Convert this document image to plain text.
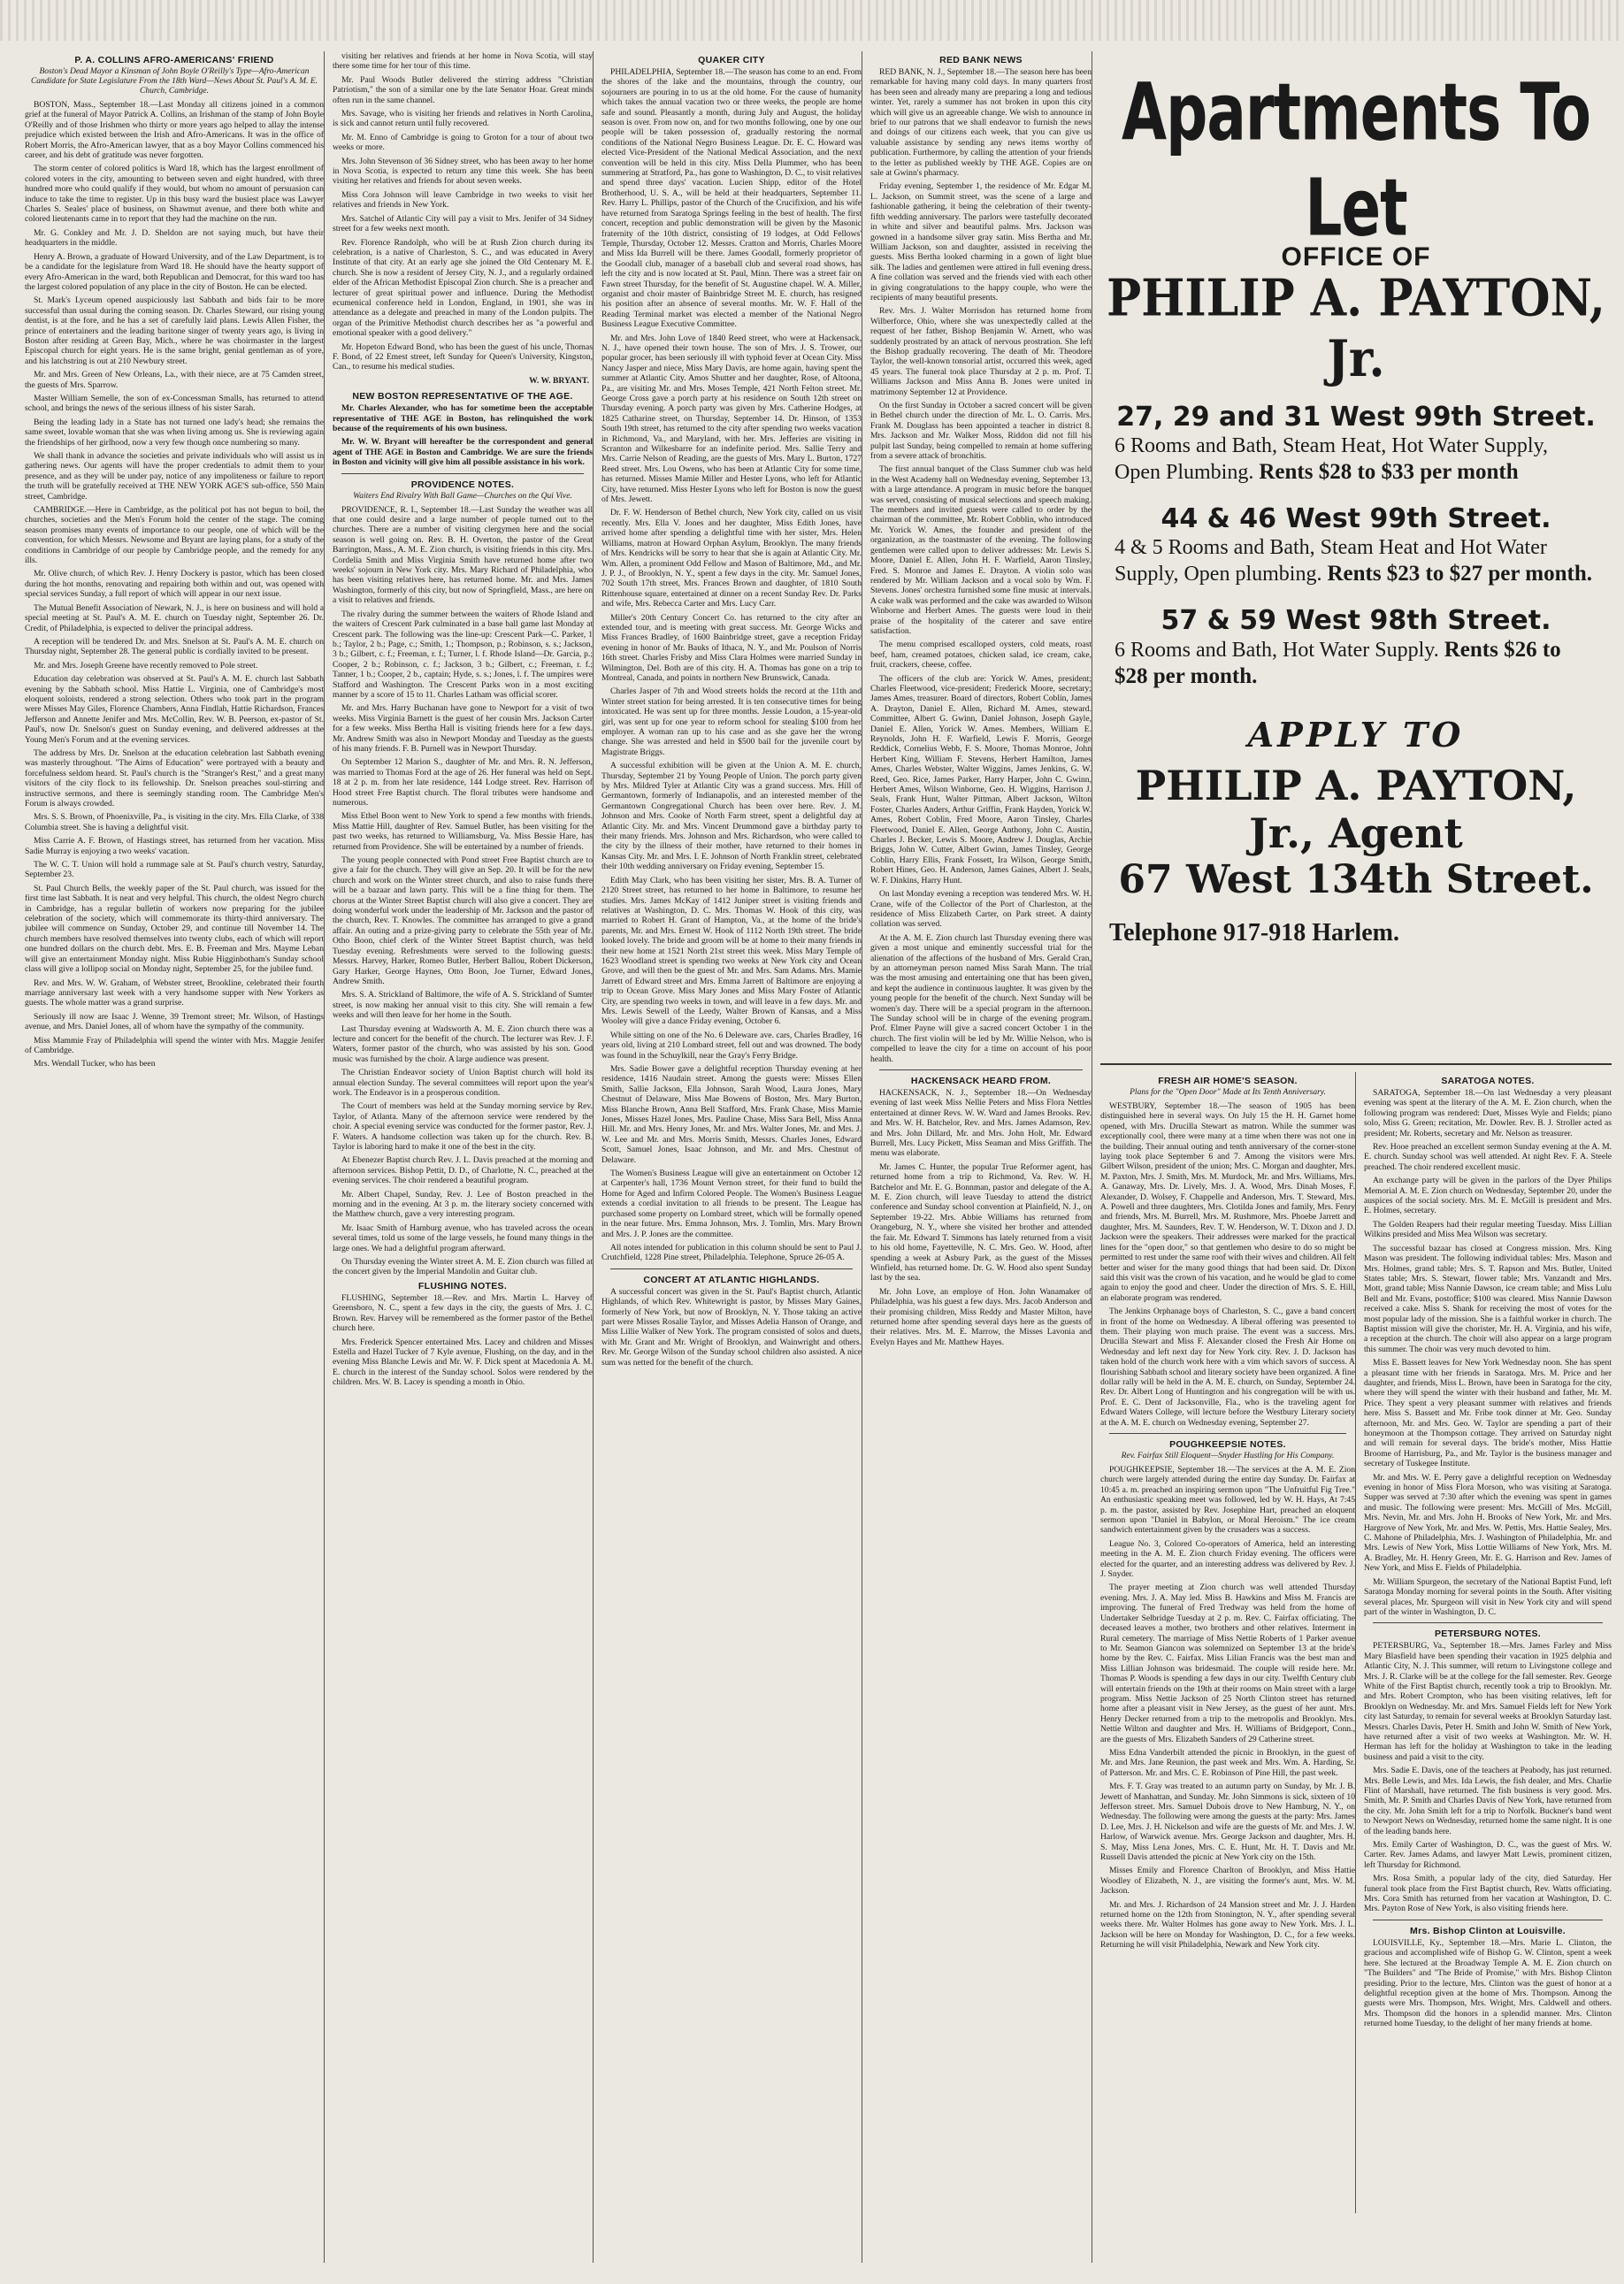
P. A. COLLINS AFRO-AMERICANS' FRIEND
Boston's Dead Mayor a Kinsman of John Boyle O'Reilly's Type—Afro-American Candidate for State Legislature From the 18th Ward—News About St. Paul's A. M. E. Church, Cambridge.

BOSTON, Mass., September 18.—Last Monday all citizens joined in a common grief at the funeral of Mayor Patrick A. Collins, an Irishman of the stamp of John Boyle O'Reilly and of those Irishmen who thirty or more years ago helped to allay the intense prejudice which existed between the Irish and Afro-Americans. It was in the office of Robert Morris, the Afro-American lawyer, that as a boy Mayor Collins commenced his career, and his debt of gratitude was never forgotten.

The storm center of colored politics is Ward 18, which has the largest enrollment of colored voters in the city, amounting to between seven and eight hundred, with three hundred more who could qualify if they would, but whom no amount of persuasion can induce to take the time to register. Up in this busy ward the busiest place was Lawyer Charles S. Seales' place of business, on Shawmut avenue, and there both white and colored lieutenants came in to report that they had the machine on the run.

Mr. G. Conkley and Mr. J. D. Sheldon are not saying much, but have their headquarters in the middle.

Henry A. Brown, a graduate of Howard University, and of the Law Department, is to be a candidate for the legislature from Ward 18. He should have the hearty support of every Afro-American in the ward, both Republican and Democrat, for this ward too has the largest colored population of any place in the city of Boston. He can be elected.

St. Mark's Lyceum opened auspiciously last Sabbath and bids fair to be more successful than usual during the coming season. Dr. Charles Steward, our rising young dentist, is at the fore, and he has a set of carefully laid plans. Lewis Allen Fisher, the prince of entertainers and the leading baritone singer of twenty years ago, is living in Boston after residing at Green Bay, Mich., where he was choirmaster in the largest Episcopal church for eight years. He is the same bright, genial gentleman as of yore, and his latchstring is out at 210 Newbury street.

Mr. and Mrs. Green of New Orleans, La., with their niece, are at 75 Camden street, the guests of Mrs. Sparrow.

Master William Semelle, the son of ex-Concessman Smalls, has returned to attend school, and brings the news of the serious illness of his sister Sarah.

Being the leading lady in a State has not turned one lady's head; she remains the same sweet, lovable woman that she was when living among us. She is reviewing again the friendships of her girlhood, now a very few though once numbering so many.

We shall thank in advance the societies and private individuals who will assist us in gathering news. Our agents will have the proper credentials to admit them to your presence, and as they will be under pay, notice of any impoliteness or failure to report the truth will be gratefully received at THE NEW YORK AGE'S sub-office, 550 Main street, Cambridge.

CAMBRIDGE.—Here in Cambridge, as the political pot has not begun to boil, the churches, societies and the Men's Forum hold the center of the stage. The coming season promises many events of importance to our people, one of which will be the convention, for which Messrs. Newsome and Bryant are laying plans, for a study of the conditions in Cambridge of our people by Cambridge people, and the remedy for any ills.

Mr. Olive church, of which Rev. J. Henry Dockery is pastor, which has been closed during the hot months, renovating and repairing both within and out, was opened with special services Sunday, a full report of which will appear in our next issue.

The Mutual Benefit Association of Newark, N. J., is here on business and will hold a special meeting at St. Paul's A. M. E. church on Tuesday night, September 26. Dr. Credit, of Philadelphia, is expected to deliver the principal address.

A reception will be tendered Dr. and Mrs. Snelson at St. Paul's A. M. E. church on Thursday night, September 28. The general public is cordially invited to be present.

Mr. and Mrs. Joseph Greene have recently removed to Pole street.

Education day celebration was observed at St. Paul's A. M. E. church last Sabbath evening by the Sabbath school. Miss Hattie L. Virginia, one of Cambridge's most eloquent soloists, rendered a strong selection. Others who took part in the program were Misses May Giles, Florence Chambers, Anna Findlah, Hattie Richardson, Frances Jefferson and Annette Jenifer and Mrs. McCollin, Rev. W. B. Peerson, ex-pastor of St. Paul's, now Dr. Snelson's guest on Sunday evening, and delivered addresses at the Young Men's Forum and at the evening services.

The address by Mrs. Dr. Snelson at the education celebration last Sabbath evening was masterly throughout. "The Aims of Education" were portrayed with a beauty and forcefulness seldom heard. St. Paul's church is the "Stranger's Rest," and a great many visitors of the city flock to its fellowship. Dr. Snelson preaches soul-stirring and instructive sermons, and there is seemingly standing room. The Cambridge Men's Forum is always crowded.

Mrs. S. S. Brown, of Phoenixville, Pa., is visiting in the city. Mrs. Ella Clarke, of 338 Columbia street. She is having a delightful visit.

Miss Carrie A. F. Brown, of Hastings street, has returned from her vacation. Miss Sadie Murray is enjoying a two weeks' vacation.

The W. C. T. Union will hold a rummage sale at St. Paul's church vestry, Saturday, September 23.

St. Paul Church Bells, the weekly paper of the St. Paul church, was issued for the first time last Sabbath. It is neat and very helpful. This church, the oldest Negro church in Cambridge, has a regular bulletin of workers now preparing for the jubilee celebration of the society, which will commemorate its thirty-third anniversary. The jubilee will commence on Sunday, October 29, and continue till November 14. The church members have resolved themselves into twenty clubs, each of which will report one hundred dollars on the church debt. Mrs. E. B. Freeman and Mrs. Mayme Leban will give an entertainment Monday night. Miss Rubie Higginbotham's Sunday school class will give a lollipop social on Monday night, September 25, for the jubilee fund.

Rev. and Mrs. W. W. Graham, of Webster street, Brookline, celebrated their fourth marriage anniversary last week with a very handsome supper with New Yorkers as guests. The whole matter was a grand surprise.

Seriously ill now are Isaac J. Wenne, 39 Tremont street; Mr. Wilson, of Hastings avenue, and Mrs. Daniel Jones, all of whom have the sympathy of the community.

Miss Mammie Fray of Philadelphia will spend the winter with Mrs. Maggie Jenifer of Cambridge.

Mrs. Wendall Tucker, who has been

visiting her relatives and friends at her home in Nova Scotia, will stay there some time for her tour of this time.

Mr. Paul Woods Butler delivered the stirring address "Christian Patriotism," the son of a similar one by the late Senator Hoar. Great minds often run in the same channel.

Mrs. Savage, who is visiting her friends and relatives in North Carolina, is sick and cannot return until fully recovered.

Mr. M. Enno of Cambridge is going to Groton for a tour of about two weeks or more.

Mrs. John Stevenson of 36 Sidney street, who has been away to her home in Nova Scotia, is expected to return any time this week. She has been visiting her relatives and friends for about seven weeks.

Miss Cora Johnson will leave Cambridge in two weeks to visit her relatives and friends in New York.

Mrs. Satchel of Atlantic City will pay a visit to Mrs. Jenifer of 34 Sidney street for a few weeks next month.

Rev. Florence Randolph, who will be at Rush Zion church during its celebration, is a native of Charleston, S. C., and was educated in Avery Institute of that city. At an early age she joined the Old Centenary M. E. church. She is now a resident of Jersey City, N. J., and a regularly ordained elder of the African Methodist Episcopal Zion church. She is a preacher and lecturer of great spiritual power and influence. During the Methodist ecumenical conference held in London, England, in 1901, she was in attendance as a delegate and preached in many of the London pulpits. The organ of the Primitive Methodist church describes her as "a powerful and emotional speaker with a good delivery."

Mr. Hopeton Edward Bond, who has been the guest of his uncle, Thomas F. Bond, of 22 Emest street, left Sunday for Queen's University, Kingston, Can., to resume his medical studies.

W. W. BRYANT.
NEW BOSTON REPRESENTATIVE OF THE AGE.

Mr. Charles Alexander, who has for sometime been the acceptable representative of THE AGE in Boston, has relinquished the work because of the requirements of his own business.

Mr. W. W. Bryant will hereafter be the correspondent and general agent of THE AGE in Boston and Cambridge. We are sure the friends in Boston and vicinity will give him all possible assistance in his work.

PROVIDENCE NOTES.
Waiters End Rivalry With Ball Game—Churches on the Qui Vive.

PROVIDENCE, R. I., September 18.—Last Sunday the weather was all that one could desire and a large number of people turned out to the churches. There are a number of visiting clergymen here and the social season is well going on. Rev. B. H. Overton, the pastor of the Great Barrington, Mass., A. M. E. Zion church, is visiting friends in this city. Mrs. Cordelia Smith and Miss Virginia Smith have returned home after two weeks' sojourn in New York city. Mrs. Mary Richard of Philadelphia, who has been visiting relatives here, has returned home. Mr. and Mrs. James Washington, formerly of this city, but now of Springfield, Mass., are here on a visit to relatives and friends.

The rivalry during the summer between the waiters of Rhode Island and the waiters of Crescent Park culminated in a base ball game last Monday at Crescent park. The following was the line-up: Crescent Park—C. Parker, 1 b.; Taylor, 2 b.; Page, c.; Smith, 1.; Thompson, p.; Robinson, s. s.; Jackson, 3 b.; Gilbert, c. f.; Freeman, r. f.; Turner, l. f. Rhode Island—Dr. Garcia, p.; Cooper, 2 b.; Robinson, c. f.; Jackson, 3 b.; Gilbert, c.; Freeman, r. f.; Tanner, 1 b.; Cooper, 2 b., captain; Hyde, s. s.; Jones, l. f. The umpires were Stafford and Washington. The Crescent Parks won in a most exciting manner by a score of 15 to 11. Charles Latham was official scorer.

Mr. and Mrs. Harry Buchanan have gone to Newport for a visit of two weeks. Miss Virginia Barnett is the guest of her cousin Mrs. Jackson Carter for a few weeks. Miss Bertha Hall is visiting friends here for a few days. Mr. Andrew Smith was also in Newport Monday and Tuesday as the guests of his many friends. F. B. Purnell was in Newport Thursday.

On September 12 Marion S., daughter of Mr. and Mrs. R. N. Jefferson, was married to Thomas Ford at the age of 26. Her funeral was held on Sept. 18 at 2 p. m. from her late residence, 144 Lodge street. Rev. Harrison of Hood street Free Baptist church. The floral tributes were handsome and numerous.

Miss Ethel Boon went to New York to spend a few months with friends. Miss Mattie Hill, daughter of Rev. Samuel Butler, has been visiting for the past two weeks, has returned to Williamsburg, Va. Miss Bessie Hare, has returned from Providence. She will be entertained by a number of friends.

The young people connected with Pond street Free Baptist church are to give a fair for the church. They will give an Sep. 20. It will be for the new church and work on the Winter street church, and also to raise funds there will be a bazaar and lawn party. This will be a fine thing for them. The chorus at the Winter Street Baptist church will also give a concert. They are doing wonderful work under the leadership of Mr. Jackson and the pastor of the church, Rev. T. Knowles. The committee has arranged to give a grand affair. An outing and a prize-giving party to celebrate the 55th year of Mr. Otho Boon, chief clerk of the Winter Street Baptist church, was held Tuesday evening. Refreshments were served to the following guests: Messrs. Harvey, Harker, Romeo Butler, Herbert Ballou, Robert Dickerson, Gary Harker, George Haynes, Otto Boon, Joe Turner, Edward Jones, Andrew Smith.

Mrs. S. A. Strickland of Baltimore, the wife of A. S. Strickland of Sumter street, is now making her annual visit to this city. She will remain a few weeks and will then leave for her home in the South.

Last Thursday evening at Wadsworth A. M. E. Zion church there was a lecture and concert for the benefit of the church. The lecturer was Rev. J. F. Waters, former pastor of the church, who was assisted by his son. Good music was furnished by the choir. A large audience was present.

The Christian Endeavor society of Union Baptist church will hold its annual election Sunday. The several committees will report upon the year's work. The Endeavor is in a prosperous condition.

The Court of members was held at the Sunday morning service by Rev. Taylor, of Atlanta. Many of the afternoon service were rendered by the choir. A special evening service was conducted for the former pastor, Rev. J. F. Waters. A handsome collection was taken up for the church. Rev. B. Taylor is laboring hard to make it one of the best in the city.

At Ebenezer Baptist church Rev. J. L. Davis preached at the morning and afternoon services. Bishop Pettit, D. D., of Charlotte, N. C., preached at the evening services. The choir rendered a beautiful program.

Mr. Albert Chapel, Sunday, Rev. J. Lee of Boston preached in the morning and in the evening. At 3 p. m. the literary society concerned with the Matthew church, gave a very interesting program.

Mr. Isaac Smith of Hamburg avenue, who has traveled across the ocean several times, told us some of the large vessels, he found many things in the large ones. We had a delightful program afterward.

On Thursday evening the Winter street A. M. E. Zion church was filled at the concert given by the Imperial Mandolin and Guitar club.

FLUSHING NOTES.

FLUSHING, September 18.—Rev. and Mrs. Martin L. Harvey of Greensboro, N. C., spent a few days in the city, the guests of Mrs. J. C. Brown. Rev. Harvey will be remembered as the former pastor of the Bethel church here.

Mrs. Frederick Spencer entertained Mrs. Lacey and children and Misses Estella and Hazel Tucker of 7 Kyle avenue, Flushing, on the day, and in the evening Miss Blanche Lewis and Mr. W. F. Dick spent at Macedonia A. M. E. church in the interest of the Sunday school. Solos were rendered by the children. Mrs. W. B. Lacey is spending a month in Ohio.

QUAKER CITY

PHILADELPHIA, September 18.—The season has come to an end. From the shores of the lake and the mountains, through the country, our sojourners are pouring in to us at the old home. For the cause of humanity which takes the annual vacation two or three weeks, the people are home safe and sound. Pleasantly a month, during July and August, the holiday season is over. From now on, and for two months following, one by one our people will be taken possession of, gradually restoring the normal conditions of the National Negro Business League. Dr. E. C. Howard was elected Vice-President of the National Medical Association, and the next convention will be held in this city. Miss Della Plummer, who has been summering at Stratford, Pa., has gone to Washington, D. C., to visit relatives and spend three days' vacation. Lucien Shipp, editor of the Hotel Brotherhood, U. S. A., will be held at their headquarters, September 11. Rev. Harry L. Phillips, pastor of the Church of the Crucifixion, and his wife have returned from Saratoga Springs feeling in the best of health. The first concert, reception and public demonstration will be given by the Masonic fraternity of the 10th district, consisting of 19 lodges, at Odd Fellows' Temple, Thursday, October 12. Messrs. Cratton and Morris, Charles Moore and Miss Ida Burrell will be there. James Goodall, formerly proprietor of the Goodall club, manager of a baseball club and several road shows, has left the city and is now located at St. Paul, Minn. There was a street fair on Fawn street Thursday, for the benefit of St. Augustine chapel. W. A. Miller, organist and choir master of Bainbridge Street M. E. church, has resigned his position after an absence of several months. Mr. W. F. Hall of the Reading Terminal market was elected a member of the National Negro Business League Executive Committee.

Mr. and Mrs. John Love of 1840 Reed street, who were at Hackensack, N. J., have opened their town house. The son of Mrs. J. S. Trower, our popular grocer, has been seriously ill with typhoid fever at Ocean City. Miss Nancy Jasper and niece, Miss Mary Davis, are home again, having spent the summer at Atlantic City. Amos Shutter and her daughter, Rose, of Altoona, Pa., are visiting Mr. and Mrs. Moses Temple, 421 North Felton street. Mr. George Cross gave a porch party at his residence on South 12th street on Thursday evening. A porch party was given by Mrs. Catherine Hodges, at 1825 Catharine street, on Thursday, September 14. Dr. Hinson, of 1353 South 19th street, has returned to the city after spending two weeks vacation in Richmond, Va., and Maryland, with her. Mrs. Jefferies are visiting in Scranton and Wilkesbarre for an indefinite period. Mrs. Sallie Terry and Mrs. Carrie Nelson of Reading, are the guests of Mrs. Mary L. Burton, 1727 Reed street. Mrs. Lou Owens, who has been at Atlantic City for some time, has returned. Misses Mamie Miller and Hester Lyons, who left for Atlantic City, have returned. Miss Hester Lyons who left for Boston is now the guest of Mrs. Jewett.

Dr. F. W. Henderson of Bethel church, New York city, called on us visit recently. Mrs. Ella V. Jones and her daughter, Miss Edith Jones, have arrived home after spending a delightful time with her sister, Mrs. Helen Williams, matron at Howard Orphan Asylum, Brooklyn. The many friends of Mrs. Kendricks will be sorry to hear that she is again at Atlantic City. Mr. Wm. Allen, a prominent Odd Fellow and Mason of Baltimore, Md., and Mr. J. P. J., of Brooklyn, N. Y., spent a few days in the city. Mr. Samuel Jones, 702 South 17th street, Mrs. Frances Brown and daughter, of 1810 South Rittenhouse square, entertained at dinner on a recent Sunday Rev. Dr. Parks and wife, Mrs. Rebecca Carter and Mrs. Lucy Carr.

Miller's 20th Century Concert Co. has returned to the city after an extended tour, and is meeting with great success. Mr. George Wicks and Miss Frances Bradley, of 1600 Bainbridge street, gave a reception Friday evening in honor of Mr. Bauks of Ithaca, N. Y., and Mr. Poulson of Norris 16th street. Charles Frisby and Miss Clara Holmes were married Sunday in Wilmington, Del. Both are of this city. H. A. Thomas has gone on a trip to Montreal, Canada, and points in northern New Brunswick, Canada.

Charles Jasper of 7th and Wood streets holds the record at the 11th and Winter street station for being arrested. It is ten consecutive times for being intoxicated. He was sent up for three months. Jessie Loudon, a 15-year-old girl, was sent up for one year to reform school for stealing $100 from her employer. A woman ran up to his case and as she gave her the wrong change. She was arrested and held in $500 bail for the juvenile court by Magistrate Briggs.

A successful exhibition will be given at the Union A. M. E. church, Thursday, September 21 by Young People of Union. The porch party given by Mrs. Mildred Tyler at Atlantic City was a grand success. Mrs. Hill of Germantown, formerly of Indianapolis, and an interested member of the Germantown Congregational Church has been over here. Rev. J. M. Johnson and Mrs. Cooke of North Farm street, spent a delightful day at Atlantic City. Mr. and Mrs. Vincent Drummond gave a birthday party to their many friends. Mrs. Johnson and Mrs. Richardson, who were called to the city by the illness of their mother, have returned to their homes in Kansas City. Mr. and Mrs. I. E. Johnson of North Franklin street, celebrated their 10th wedding anniversary on Friday evening, September 15.

Edith May Clark, who has been visiting her sister, Mrs. B. A. Turner of 2120 Street street, has returned to her home in Baltimore, to resume her studies. Mrs. James McKay of 1412 Juniper street is visiting friends and relatives at Washington, D. C. Mrs. Thomas W. Hook of this city, was married to Robert H. Grant of Hampton, Va., at the home of the bride's parents, Mr. and Mrs. Ernest W. Hook of 1112 North 19th street. The bride looked lovely. The bride and groom will be at home to their many friends in their new home at 1521 North 21st street this week. Miss Mary Temple of 1623 Woodland street is spending two weeks at New York city and Ocean Grove, and will then be the guest of Mr. and Mrs. Sam Adams. Mrs. Mamie Jarrett of Edward street and Mrs. Emma Jarrett of Baltimore are enjoying a trip to Ocean Grove. Miss Mary Jones and Miss Mary Foster of Atlantic City, are spending two weeks in town, and will leave in a few days. Mr. and Mrs. Lewis Sewell of the Leedy, Walter Brown of Kansas, and a Miss Wooley will give a dance Friday evening, October 6.

While sitting on one of the No. 6 Deleware ave. cars, Charles Bradley, 16 years old, living at 210 Lombard street, fell out and was drowned. The body was found in the Schuylkill, near the Gray's Ferry Bridge.

Mrs. Sadie Bower gave a delightful reception Thursday evening at her residence, 1416 Naudain street. Among the guests were: Misses Ellen Smith, Sallie Jackson, Ella Johnson, Sarah Wood, Laura Jones, Mary Chestnut of Delaware, Miss Mae Bowens of Boston, Mrs. Mary Burton, Miss Blanche Brown, Anna Bell Stafford, Mrs. Frank Chase, Miss Mamie Jones, Misses Hazel Jones, Mrs. Pauline Chase, Miss Sara Bell, Miss Anna Hill. Mr. and Mrs. Henry Jones, Mr. and Mrs. Walter Jones, Mr. and Mrs. J. W. Lee and Mr. and Mrs. Morris Smith, Messrs. Charles Jones, Edward Scott, Samuel Jones, Isaac Johnson, and Mr. and Mrs. Chestnut of Delaware.

The Women's Business League will give an entertainment on October 12 at Carpenter's hall, 1736 Mount Vernon street, for their fund to build the Home for Aged and Infirm Colored People. The Women's Business League extends a cordial invitation to all friends to be present. The League has purchased some property on Lombard street, which will be formally opened in the near future. Mrs. Emma Johnson, Mrs. J. Tomlin, Mrs. Mary Brown and Mrs. J. P. Jones are the committee.

All notes intended for publication in this column should be sent to Paul J. Crutchfield, 1228 Pine street, Philadelphia. Telephone, Spruce 26-05 A.

CONCERT AT ATLANTIC HIGHLANDS.

A successful concert was given in the St. Paul's Baptist church, Atlantic Highlands, of which Rev. Whitewright is pastor, by Misses Mary Gaines, formerly of New York, but now of Brooklyn, N. Y. Those taking an active part were Misses Rosalie Taylor, and Misses Adelia Hanson of Orange, and Miss Lillie Walker of New York. The program consisted of solos and duets, with Mr. Grant and Mr. Wright of Brooklyn, and Wainwright and others. Rev. Mr. George Wilson of the Sunday school children also assisted. A nice sum was netted for the benefit of the church.

RED BANK NEWS

RED BANK, N. J., September 18.—The season here has been remarkable for having many cold days. In many quarters frost has been seen and already many are preparing a long and tedious winter. Yet, rarely a summer has not broken in upon this city which will give us an agreeable change. We wish to announce in brief to our patrons that we shall endeavor to furnish the news and doings of our citizens each week, that you can give us valuable assistance by sending any news items worthy of publication. Furthermore, by calling the attention of your friends to the letter as published weekly by THE AGE. Copies are on sale at Gwinn's pharmacy.

Friday evening, September 1, the residence of Mr. Edgar M. L. Jackson, on Summit street, was the scene of a large and fashionable gathering, it being the celebration of their twenty-fifth wedding anniversary. The parlors were tastefully decorated in white and silver and beautiful palms. Mrs. Jackson was gowned in a handsome silver gray satin. Miss Bertha and Mr. William Jackson, son and daughter, assisted in receiving the guests. Miss Bertha looked charming in a gown of light blue silk. The ladies and gentlemen were attired in full evening dress. A fine collation was served and the friends vied with each other in giving congratulations to the happy couple, who were the recipients of many beautiful presents.

Rev. Mrs. J. Walter Morrisdon has returned home from Wilberforce, Ohio, where she was unexpectedly called at the request of her father, Bishop Benjamin W. Arnett, who was suddenly prostrated by an attack of nervous prostration. She left the Bishop gradually recovering. The death of Mr. Theodore Taylor, the well-known tonsorial artist, occurred this week, aged 45 years. The funeral took place Thursday at 2 p. m. Prof. T. Williams Jackson and Miss Anna B. Jones were united in matrimony September 12 at Providence.

On the first Sunday in October a sacred concert will be given in Bethel church under the direction of Mr. L. O. Carris. Mrs. Frank M. Douglass has been appointed a teacher in district 8. Mrs. Jackson and Mr. Walker Moss, Riddon did not fill his pulpit last Sunday, being compelled to remain at home suffering from a severe attack of bronchitis.

The first annual banquet of the Class Summer club was held in the West Academy hall on Wednesday evening, September 13, with a large attendance. A program in music before the banquet was served, consisting of musical selections and speech making. The members and invited guests were called to order by the chairman of the committee, Mr. Robert Cobblin, who introduced Mr. Yorick W. Ames, the founder and president of the organization, as the toastmaster of the evening. The following gentlemen were called upon to deliver addresses: Mr. Lewis S. Moore, Daniel E. Allen, John H. F. Warfield, Aaron Tinsley, Fred. S. Monroe and James E. Drayton. A violin solo was rendered by Mr. William Jackson and a vocal solo by Wm. F. Stevens. Jones' orchestra furnished some fine music at intervals. A cake walk was performed and the cake was awarded to Wilson Winborne and Herbert Ames. The guests were loud in their praise of the hospitality of the caterer and save entire satisfaction.

The menu comprised escalloped oysters, cold meats, roast beef, ham, creamed potatoes, chicken salad, ice cream, cake, fruit, crackers, cheese, coffee.

The officers of the club are: Yorick W. Ames, president; Charles Fleetwood, vice-president; Frederick Moore, secretary; James Ames, treasurer. Board of directors, Robert Coblin, James A. Drayton, Daniel E. Allen, Richard M. Ames, steward. Committee, Albert G. Gwinn, Daniel Johnson, Joseph Gayle, Daniel E. Allen, Yorick W. Ames. Members, William E. Reynolds, John H. F. Warfield, Lewis F. Morris, George Reddick, Cornelius Webb, F. S. Moore, Thomas Monroe, John Herbert King, William F. Stevens, Herbert Hamilton, James Ames, Charles Webster, Walter Wiggins, James Jenkins, G. W. Reed, Geo. Rice, James Parker, Harry Harper, John C. Gwinn, Herbert Ames, Wilson Winborne, Geo. H. Wiggins, Harrison J. Seals, Frank Hunt, Walter Pittman, Albert Jackson, Wilton Foster, Charles Anders, Arthur Griffin, Frank Hayden, Yorick W. Ames, Robert Coblin, Fred Moore, Aaron Tinsley, Charles Fleetwood, Daniel E. Allen, George Anthony, John C. Austin, Charles J. Becker, Lewis S. Moore, Andrew J. Douglas, Archie Briggs, John W. Cutter, Albert Gwinn, James Tinsley, George Coblin, Harry Ellis, Frank Fossett, Ira Wilson, George Smith, Robert Hines, Geo. H. Anderson, James Gaines, Albert J. Seals, W. F. Dinkins, Harry Hunt.

On last Monday evening a reception was tendered Mrs. W. H. Crane, wife of the Collector of the Port of Charleston, at the residence of Miss Elizabeth Carter, on Park street. A dainty collation was served.

At the A. M. E. Zion church last Thursday evening there was given a most unique and eminently successful trial for the alienation of the affections of the husband of Mrs. Gerald Cran, by an attorneyman person named Miss Sarah Mann. The trial was the most amusing and entertaining one that has been given, and kept the audience in continuous laughter. It was given by the young people for the benefit of the church. Next Sunday will be women's day. There will be a special program in the afternoon. The Sunday school will be in charge of the evening program. Prof. Elmer Payne will give a sacred concert October 1 in the church. The first violin will be led by Mr. Willie Nelson, who is compelled to leave the city for a time on account of his poor health.

HACKENSACK HEARD FROM.

HACKENSACK, N. J., September 18.—On Wednesday evening of last week Miss Nellie Peters and Miss Flora Nettles entertained at dinner Revs. W. W. Ward and James Brooks. Rev. and Mrs. W. H. Batchelor, Rev. and Mrs. James Adamson, Rev. and Mrs. John Dillard, Mr. and Mrs. John Holt, Mr. Edward Burrell, Mrs. Lucy Pickett, Miss Seaman and Miss Griffith. The menu was elaborate.

Mr. James C. Hunter, the popular True Reformer agent, has returned home from a trip to Richmond, Va. Rev. W. H. Batchelor and Mr. E. G. Bonnman, pastor and delegate of the A. M. E. Zion church, will leave Tuesday to attend the district conference and Sunday school convention at Plainfield, N. J., on September 19-22. Mrs. Abbie Williams has returned from Orangeburg, N. Y., where she visited her brother and attended the fair. Mr. Edward T. Simmons has lately returned from a visit to his old home, Fayetteville, N. C. Mrs. Geo. W. Hood, after spending a week at Asbury Park, as the guest of the Misses Winfield, has returned home. Dr. G. W. Hood also spent Sunday last by the sea.

Mr. John Love, an employe of Hon. John Wanamaker of Philadelphia, was his guest a few days. Mrs. Jacob Anderson and their promising children, Miss Reddy and Master Milton, have returned home after spending several days here as the guests of their relatives. Mrs. M. E. Marrow, the Misses Lavonia and Evelyn Hayes and Mr. Matthew Hayes.

Apartments To Let
OFFICE OF
PHILIP A. PAYTON, Jr.
27, 29 and 31 West 99th Street.
6 Rooms and Bath, Steam Heat, Hot Water Supply, Open Plumbing. Rents $28 to $33 per month
44 & 46 West 99th Street.
4 & 5 Rooms and Bath, Steam Heat and Hot Water Supply, Open plumbing. Rents $23 to $27 per month.
57 & 59 West 98th Street.
6 Rooms and Bath, Hot Water Supply. Rents $26 to $28 per month.
APPLY TO
PHILIP A. PAYTON, Jr., Agent
67 West 134th Street.
Telephone 917-918 Harlem.
FRESH AIR HOME'S SEASON.
Plans for the "Open Door" Made at Its Tenth Anniversary.

WESTBURY, September 18.—The season of 1905 has been distinguished here in several ways. On July 15 the H. H. Garnet home opened, with Mrs. Drucilla Stewart as matron. While the summer was exceptionally cool, there were many at a time when there was not one in the building. Their annual outing and tenth anniversary of the corner-stone laying took place September 6 and 7. Among the visitors were Mrs. Gilbert Wilson, president of the union; Mrs. C. Morgan and daughter, Mrs. M. Paxton, Mrs. J. Smith, Mrs. M. Murdock, Mr. and Mrs. Williams, Mrs. A. Ganaway, Mrs. Dr. Lively, Mrs. J. A. Wood, Mrs. Dinah Moses, F. Alexander, D. Wolsey, F. Chappelle and Anderson, Mrs. T. Steward, Mrs. A. Powell and three daughters, Mrs. Clotilda Jones and family, Mrs. Fenry and friends, Mrs. M. Burrell, Mrs. M. Rushmore, Mrs. Phoebe Jarrett and daughter, Mrs. M. Saunders, Rev. T. W. Henderson, W. T. Dixon and J. D. Jackson were the speakers. Their addresses were marked for the practical lines for the "open door," so that gentlemen who desire to do so might be permitted to rest under the same roof with their wives and children. All felt better and wiser for the many good things that had been said. Dr. Dixon said this visit was the crown of his vacation, and he would be glad to come again to enjoy the good and cheer. Under the direction of Mrs. S. E. Hill, an elaborate program was rendered.

The Jenkins Orphanage boys of Charleston, S. C., gave a band concert in front of the home on Wednesday. A liberal offering was presented to them. Their playing won much praise. The event was a success. Mrs. Drucilla Stewart and Miss F. Alexander closed the Fresh Air Home on Wednesday and left next day for New York city. Rev. J. D. Jackson has taken hold of the church work here with a vim which savors of success. A flourishing Sabbath school and literary society have been organized. A fine dollar rally will be held in the A. M. E. church, on Sunday, September 24. Rev. Dr. Albert Long of Huntington and his congregation will be with us. Prof. E. C. Dent of Jacksonville, Fla., who is the traveling agent for Edward Waters College, will lecture before the Westbury Literary society at the A. M. E. church on Wednesday evening, September 27.

POUGHKEEPSIE NOTES.
Rev. Fairfax Still Eloquent—Snyder Hustling for His Company.

POUGHKEEPSIE, September 18.—The services at the A. M. E. Zion church were largely attended during the entire day Sunday. Dr. Fairfax at 10:45 a. m. preached an inspiring sermon upon "The Unfruitful Fig Tree." An enthusiastic speaking meet was followed, led by W. H. Hays, At 7:45 p. m. the pastor, assisted by Rev. Josephine Hart, preached an eloquent sermon upon "Daniel in Babylon, or Moral Heroism." The ice cream sandwich entertainment given by the crusaders was a success.

League No. 3, Colored Co-operators of America, held an interesting meeting in the A. M. E. Zion church Friday evening. The officers were elected for the quarter, and an interesting address was delivered by Rev. J. J. Snyder.

The prayer meeting at Zion church was well attended Thursday evening. Mrs. J. A. May led. Miss B. Hawkins and Miss M. Francis are improving. The funeral of Fred Tredway was held from the home of Undertaker Selbridge Tuesday at 2 p. m. Rev. C. Fairfax officiating. The deceased leaves a mother, two brothers and other relatives. Interment in Rural cemetery. The marriage of Miss Nettie Roberts of 1 Parker avenue to Mr. Seamon Giancon was solemnized on September 13 at the bride's home by the Rev. C. Fairfax. Miss Lilian Francis was the best man and Miss Lillian Johnson was bridesmaid. The couple will reside here. Mr. Thomas P. Woods is spending a few days in our city. Twelfth Century club will entertain friends on the 19th at their rooms on Main street with a large program. Miss Nettie Jackson of 25 North Clinton street has returned home after a pleasant visit in New Jersey, as the guest of her aunt. Mrs. Henry Decker returned from a trip to the metropolis and Brooklyn. Mrs. Nettie Wilton and daughter and Mrs. H. Williams of Bridgeport, Conn., are the guests of Mrs. Elizabeth Sanders of 29 Catherine street.

Miss Edna Vanderbilt attended the picnic in Brooklyn, in the guest of Mr. and Mrs. Jane Reunion, the past week and Mrs. Wm. A. Harding, Sr. of Patterson. Mr. and Mrs. C. E. Robinson of Pine Hill, the past week.

Mrs. F. T. Gray was treated to an autumn party on Sunday, by Mr. J. B. Jewett of Manhattan, and Sunday. Mr. John Simmons is sick, sixteen of 10 Jefferson street. Mrs. Samuel Dubois drove to New Hamburg, N. Y., on Wednesday. The following were among the guests at the party: Mrs. James D. Lee, Mrs. J. H. Nickelson and wife are the guests of Mr. and Mrs. J. W. Harlow, of Warwick avenue. Mrs. George Jackson and daughter, Mrs. H. S. May, Miss Lena Jones, Mrs. C. E. Hunt, Mr. H. T. Davis and Mr. Russell Davis attended the picnic at New York city on the 15th.

Misses Emily and Florence Charlton of Brooklyn, and Miss Hattie Woodley of Elizabeth, N. J., are visiting the former's aunt, Mrs. W. M. Jackson.

Mr. and Mrs. J. Richardson of 24 Mansion street and Mr. J. J. Harden returned home on the 12th from Stonington, N. Y., after spending several weeks there. Mr. Walter Holmes has gone away to New York. Mrs. J. L. Jackson will be here on Monday for Washington, D. C., for a few weeks. Returning he will visit Philadelphia, Newark and New York city.

SARATOGA NOTES.

SARATOGA, September 18.—On last Wednesday a very pleasant evening was spent at the literary of the A. M. E. Zion church, when the following program was rendered: Duet, Misses Wyle and Fields; piano solo, Miss G. Green; recitation, Mr. Dowler. Rev. B. J. Stroller acted as president; Mr. Roberts, secretary and Mr. Nelson as treasurer.

Rev. Hooe preached an excellent sermon Sunday evening at the A. M. E. church. Sunday school was well attended. At night Rev. F. A. Steele preached. The choir rendered excellent music.

An exchange party will be given in the parlors of the Dyer Philips Memorial A. M. E. Zion church on Wednesday, September 20, under the auspices of the social society. Mrs. M. E. McGill is president and Mrs. E. Holmes, secretary.

The Golden Reapers had their regular meeting Tuesday. Miss Lillian Wilkins presided and Miss Mea Wilson was secretary.

The successful bazaar has closed at Congress mission. Mrs. King Mason was president. The following individual tables: Mrs. Mason and Mrs. Holmes, grand table; Mrs. S. T. Rapson and Mrs. Butler, United States table; Mrs. S. Stewart, flower table; Mrs. Vanzandt and Mrs. Mott, grand table; Miss Nannie Dawson, ice cream table; and Miss Lulu Bell and Mr. Evans, postoffice; $100 was cleared. Miss Nannie Dawson received a cake. Miss S. Shank for receiving the most of votes for the most popular lady of the mission. She is a faithful worker in church. The Baptist mission will give the chorister, Mr. H. A. Virginia, and his wife, a reception at the church. The choir will also appear on a large program this summer. The choir was very much devoted to him.

Miss E. Bassett leaves for New York Wednesday noon. She has spent a pleasant time with her friends in Saratoga. Mrs. M. Price and her daughter, and friends, Miss L. Brown, have been in Saratoga for the city, where they will spend the winter with their husband and father, Mr. M. Price. They spent a very pleasant summer with relatives and friends here. Miss S. Bassett and Mr. Fribe took dinner at Mr. Geo. Sunday afternoon, Mr. and Mrs. Geo. W. Taylor are spending a part of their honeymoon at the Thompson cottage. They arrived on Saturday night and will remain for several days. The bride's mother, Miss Hattie Broome of Harrisburg, Pa., and Mr. Taylor is the business manager and secretary of Tuskegee Institute.

Mr. and Mrs. W. E. Perry gave a delightful reception on Wednesday evening in honor of Miss Flora Morson, who was visiting at Saratoga. Supper was served at 7:30 after which the evening was spent in games and music. The following were present: Mrs. McGill of Mrs. McGill, Mrs. Nevin, Mr. and Mrs. John H. Brooks of New York, Mr. and Mrs. Hargrove of New York, Mr. and Mrs. W. Pettis, Mrs. Hattie Sealey, Mrs. C. Mahone of Philadelphia, Mrs. J. Washington of Philadelphia, Mr. and Mrs. Lewis of New York, Miss Lottie Williams of New York, Mrs. M. A. Bradley, Mr. H. Henry Green, Mr. E. G. Harrison and Rev. James of New York, and Miss E. Fields of Philadelphia.

Mr. William Spurgeon, the secretary of the National Baptist Fund, left Saratoga Monday morning for several points in the South. After visiting several places, Mr. Spurgeon will visit in New York city and will spend part of the winter in Washington, D. C.

PETERSBURG NOTES.

PETERSBURG, Va., September 18.—Mrs. James Farley and Miss Mary Blasfield have been spending their vacation in 1925 delphia and Atlantic City, N. J. This summer, will return to Livingstone college and Mrs. J. R. Clarke will be at the college for the fall semester. Rev. George White of the First Baptist church, recently took a trip to Brooklyn. Mr. and Mrs. Robert Crompton, who has been visiting relatives, left for Brooklyn on Wednesday. Mr. and Mrs. Samuel Fields left for New York city last Saturday, to remain for several weeks at Brooklyn Saturday last. Messrs. Charles Davis, Peter H. Smith and John W. Smith of New York, have returned after a visit of two weeks at Washington. Mr. W. H. Herman has left for the holiday at Washington to take in the leading business and paid a visit to the city.

Mrs. Sadie E. Davis, one of the teachers at Peabody, has just returned. Mrs. Belle Lewis, and Mrs. Ida Lewis, the fish dealer, and Mrs. Charlie Flint of Marshall, have returned. The fish business is very good. Mrs. Smith, Mr. P. Smith and Charles Davis of New York, have returned from the city. Mr. John Smith left for a trip to Norfolk. Buckner's band went to Newport News on Wednesday, returned home the same night. It is one of the leading bands here.

Mrs. Emily Carter of Washington, D. C., was the guest of Mrs. W. Carter. Rev. James Adams, and lawyer Matt Lewis, prominent citizen, left Thursday for Richmond.

Mrs. Rosa Smith, a popular lady of the city, died Saturday. Her funeral took place from the First Baptist church, Rev. Watts officiating. Mrs. Cora Smith has returned from her vacation at Washington, D. C. Mrs. Payton Rose of New York, is also visiting friends here.

Mrs. Bishop Clinton at Louisville.

LOUISVILLE, Ky., September 18.—Mrs. Marie L. Clinton, the gracious and accomplished wife of Bishop G. W. Clinton, spent a week here. She lectured at the Broadway Temple A. M. E. Zion church on "The Builders" and "The Bride of Promise," with Mrs. Bishop Clinton presiding. Prior to the lecture, Mrs. Clinton was the guest of honor at a delightful reception given at the home of Mrs. Thompson. Among the guests were Mrs. Thompson, Mrs. Wright, Mrs. Caldwell and others. Mrs. Thompson did the honors in a splendid manner. Mrs. Clinton returned home Tuesday, to the delight of her many friends at home.
